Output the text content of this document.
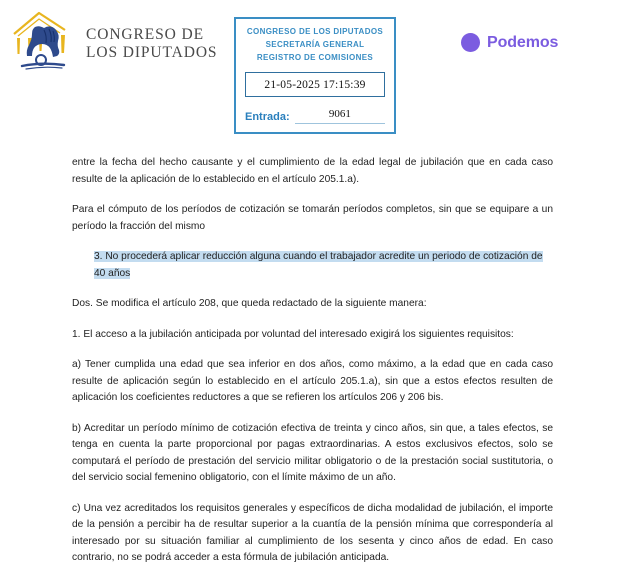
CONGRESO DE
LOS DIPUTADOS
CONGRESO DE LOS DIPUTADOS
SECRETARÍA GENERAL
REGISTRO DE COMISIONES
21-05-2025 17:15:39
Entrada:	9061
Podemos

entre la fecha del hecho causante y el cumplimiento de la edad legal de jubilación que en cada caso resulte de la aplicación de lo establecido en el artículo 205.1.a).

Para el cómputo de los períodos de cotización se tomarán períodos completos, sin que se equipare a un período la fracción del mismo

3. No procederá aplicar reducción alguna cuando el trabajador acredite un periodo de cotización de 40 años

Dos. Se modifica el artículo 208, que queda redactado de la siguiente manera:

1. El acceso a la jubilación anticipada por voluntad del interesado exigirá los siguientes requisitos:

a) Tener cumplida una edad que sea inferior en dos años, como máximo, a la edad que en cada caso resulte de aplicación según lo establecido en el artículo 205.1.a), sin que a estos efectos resulten de aplicación los coeficientes reductores a que se refieren los artículos 206 y 206 bis.

b) Acreditar un período mínimo de cotización efectiva de treinta y cinco años, sin que, a tales efectos, se tenga en cuenta la parte proporcional por pagas extraordinarias. A estos exclusivos efectos, solo se computará el período de prestación del servicio militar obligatorio o de la prestación social sustitutoria, o del servicio social femenino obligatorio, con el límite máximo de un año.

c) Una vez acreditados los requisitos generales y específicos de dicha modalidad de jubilación, el importe de la pensión a percibir ha de resultar superior a la cuantía de la pensión mínima que correspondería al interesado por su situación familiar al cumplimiento de los sesenta y cinco años de edad. En caso contrario, no se podrá acceder a esta fórmula de jubilación anticipada.
